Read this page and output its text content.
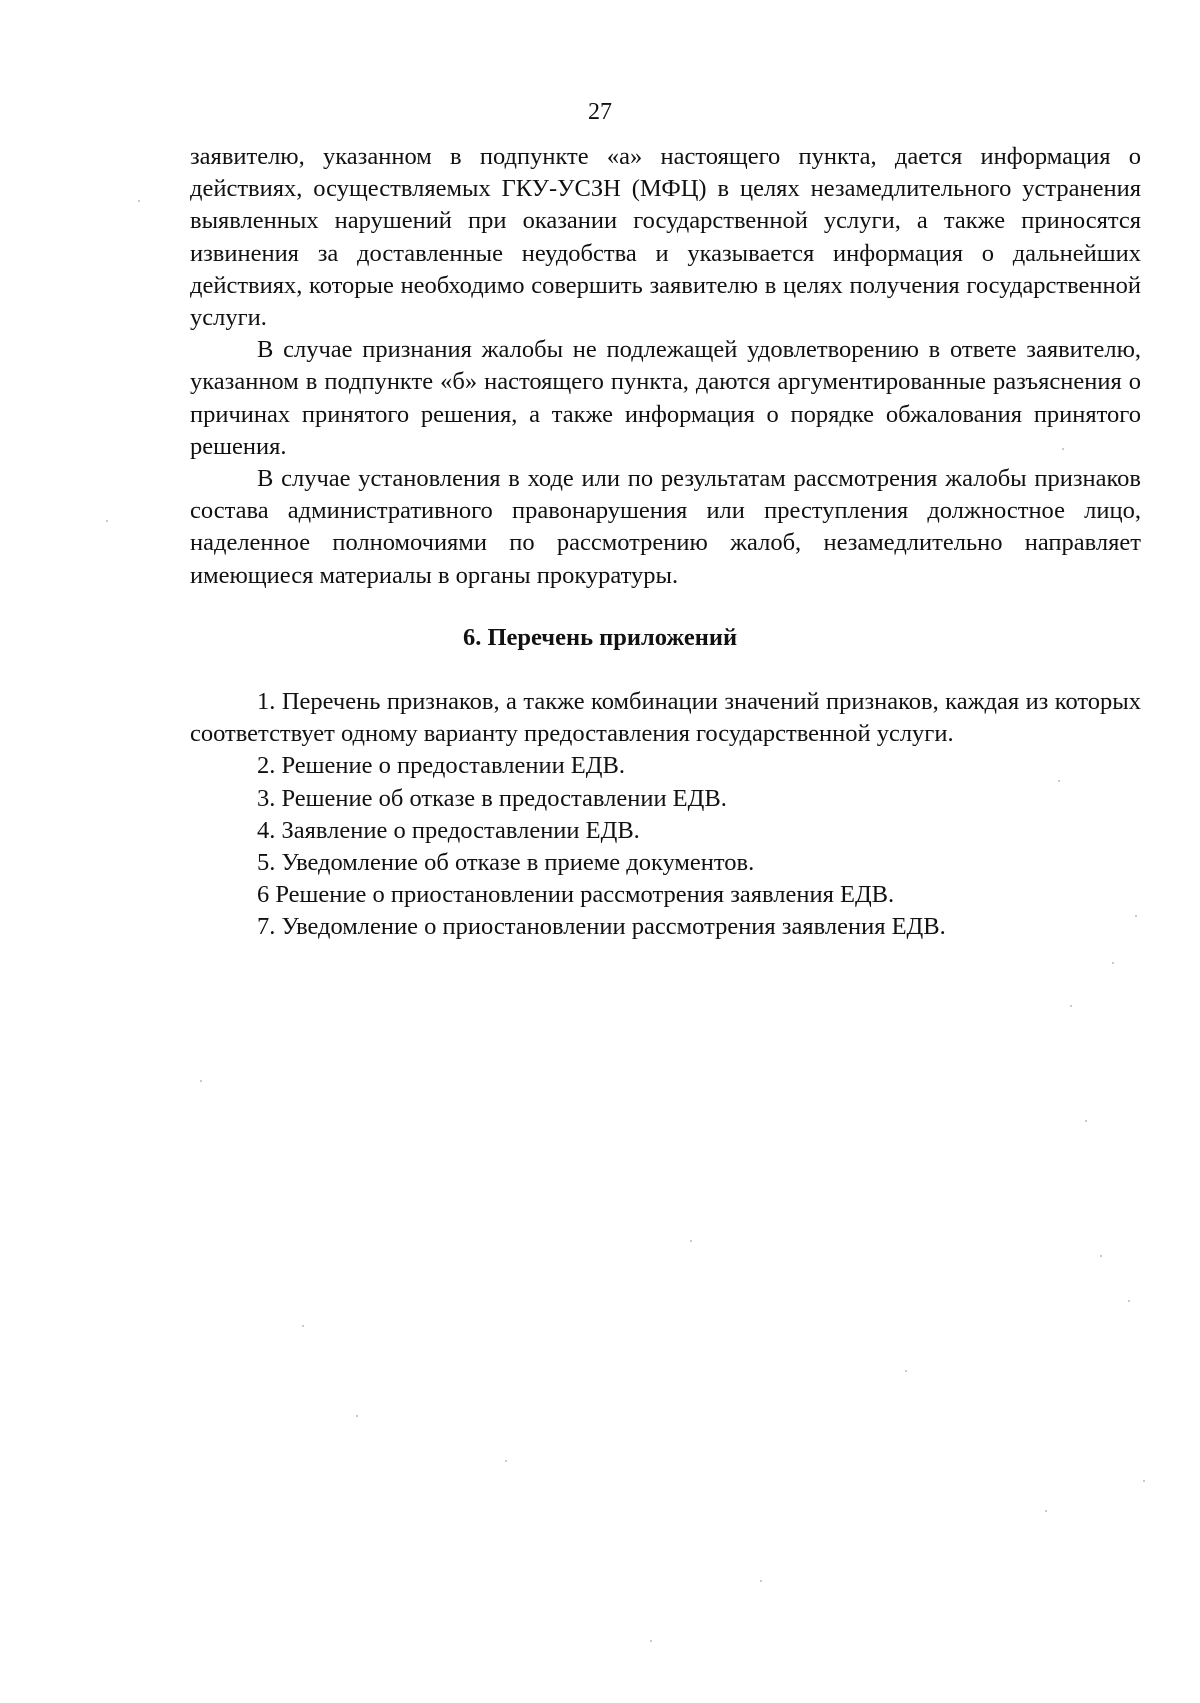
27

заявителю, указанном в подпункте «а» настоящего пункта, дается информация о действиях, осуществляемых ГКУ-УСЗН (МФЦ) в целях незамедлительного устранения выявленных нарушений при оказании государственной услуги, а также приносятся извинения за доставленные неудобства и указывается информация о дальнейших действиях, которые необходимо совершить заявителю в целях получения государственной услуги.

В случае признания жалобы не подлежащей удовлетворению в ответе заявителю, указанном в подпункте «б» настоящего пункта, даются аргументированные разъяснения о причинах принятого решения, а также информация о порядке обжалования принятого решения.

В случае установления в ходе или по результатам рассмотрения жалобы признаков состава административного правонарушения или преступления должностное лицо, наделенное полномочиями по рассмотрению жалоб, незамедлительно направляет имеющиеся материалы в органы прокуратуры.

6. Перечень приложений

1. Перечень признаков, а также комбинации значений признаков, каждая из которых соответствует одному варианту предоставления государственной услуги.

2. Решение о предоставлении ЕДВ.

3. Решение об отказе в предоставлении ЕДВ.

4. Заявление о предоставлении ЕДВ.

5. Уведомление об отказе в приеме документов.

6 Решение о приостановлении рассмотрения заявления ЕДВ.

7. Уведомление о приостановлении рассмотрения заявления ЕДВ.
